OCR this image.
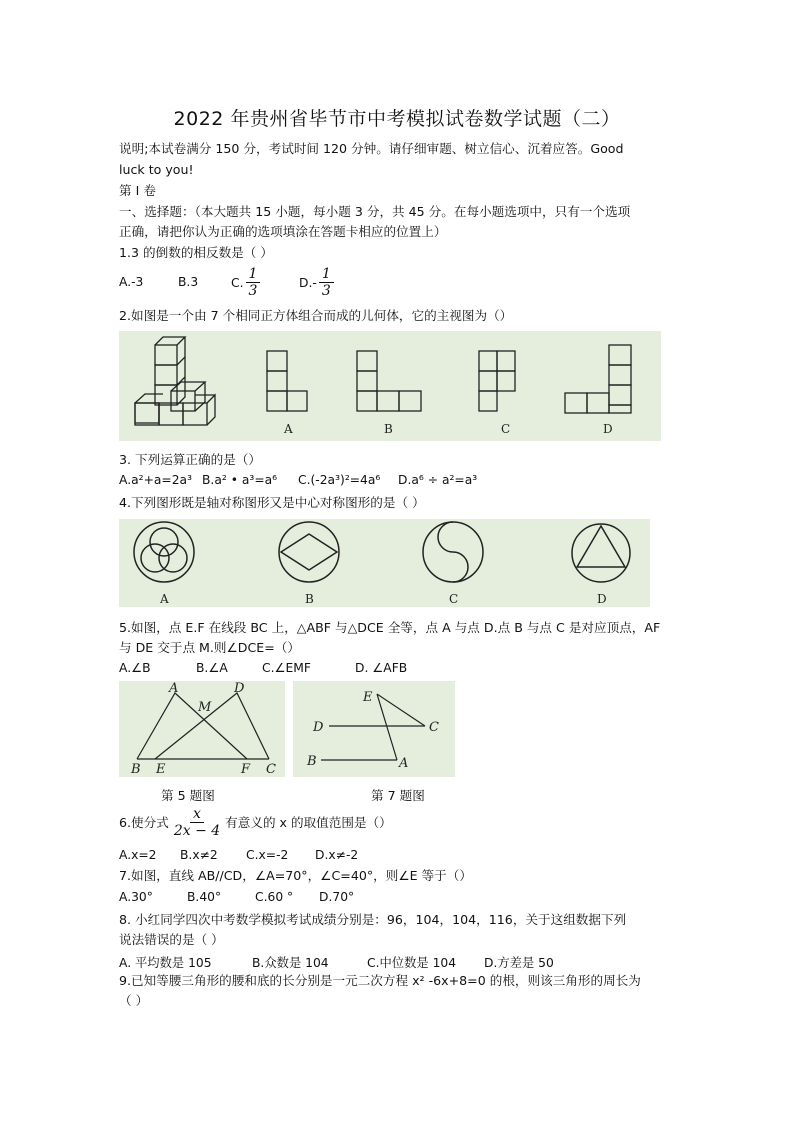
2022 年贵州省毕节市中考模拟试卷数学试题（二）
说明;本试卷满分 150 分，考试时间 120 分钟。请仔细审题、树立信心、沉着应答。Good
luck to you!
第 I 卷
一、选择题：（本大题共 15 小题，每小题 3 分，共 45 分。在每小题选项中，只有一个选项
正确，请把你认为正确的选项填涂在答题卡相应的位置上）
1.3 的倒数的相反数是（ ）
A.-3	B.3	C. $\frac{1}{3}$	$D.- \frac{1}{3}$
2.如图是一个由 7 个相同正方体组合而成的儿何体，它的主视图为（）
A	B	C	D
3. 下列运算正确的是（）
A.a²+a=2a³ B.a² • a³=a⁶ C.(-2a³)²=4a⁶ D.a⁶ ÷ a²=a³
4.下列图形既是轴对称图形又是中心对称图形的是（ ）
A	B	C	D
5.如图，点 E.F 在线段 BC 上，△ABF 与△DCE 全等，点 A 与点 D.点 B 与点 C 是对应顶点，AF
与 DE 交于点 M.则∠DCE=（）
A.∠B	B.∠A	C.∠EMF	D. ∠AFB
A	D
M
B E	F C
E
D	C
B	A
第 5 题图	第 7 题图
6.使分式 $\frac{x}{2x - 4}$ 有意义的 x 的取值范围是（）
A.x=2 B.x≠2 C.x=-2 D.x≠-2
7.如图，直线 AB//CD，∠A=70°，∠C=40°，则∠E 等于（）
A.30°	B.40°	C.60 ° D.70°
8. 小红同学四次中考数学模拟考试成绩分别是：96，104，104，116，关于这组数据下列
说法错误的是（ ）
A. 平均数是 105	B.众数是 104	C.中位数是 104 D.方差是 50
9.已知等腰三角形的腰和底的长分别是一元二次方程 x² -6x+8=0 的根，则该三角形的周长为
（ ）
